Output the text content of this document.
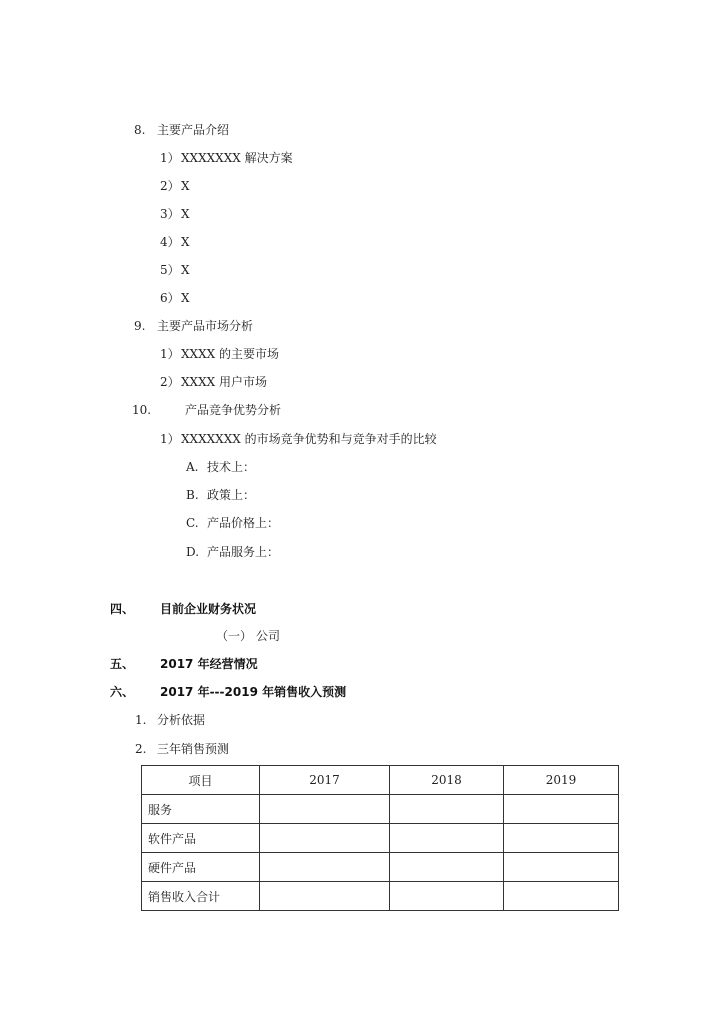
8. 主要产品介绍
1） XXXXXXX 解决方案
2） X
3） X
4） X
5） X
6） X
9. 主要产品市场分析
1） XXXX 的主要市场
2） XXXX 用户市场
10.	产品竞争优势分析
1） XXXXXXX 的市场竞争优势和与竞争对手的比较
A. 技术上：
B. 政策上：
C. 产品价格上：
D. 产品服务上：
四、 目前企业财务状况
（一） 公司
五、 2017 年经营情况
六、 2017 年---2019 年销售收入预测
1. 分析依据
2. 三年销售预测
项目	2017	2018	2019
服务			
软件产品			
硬件产品			
销售收入合计			
